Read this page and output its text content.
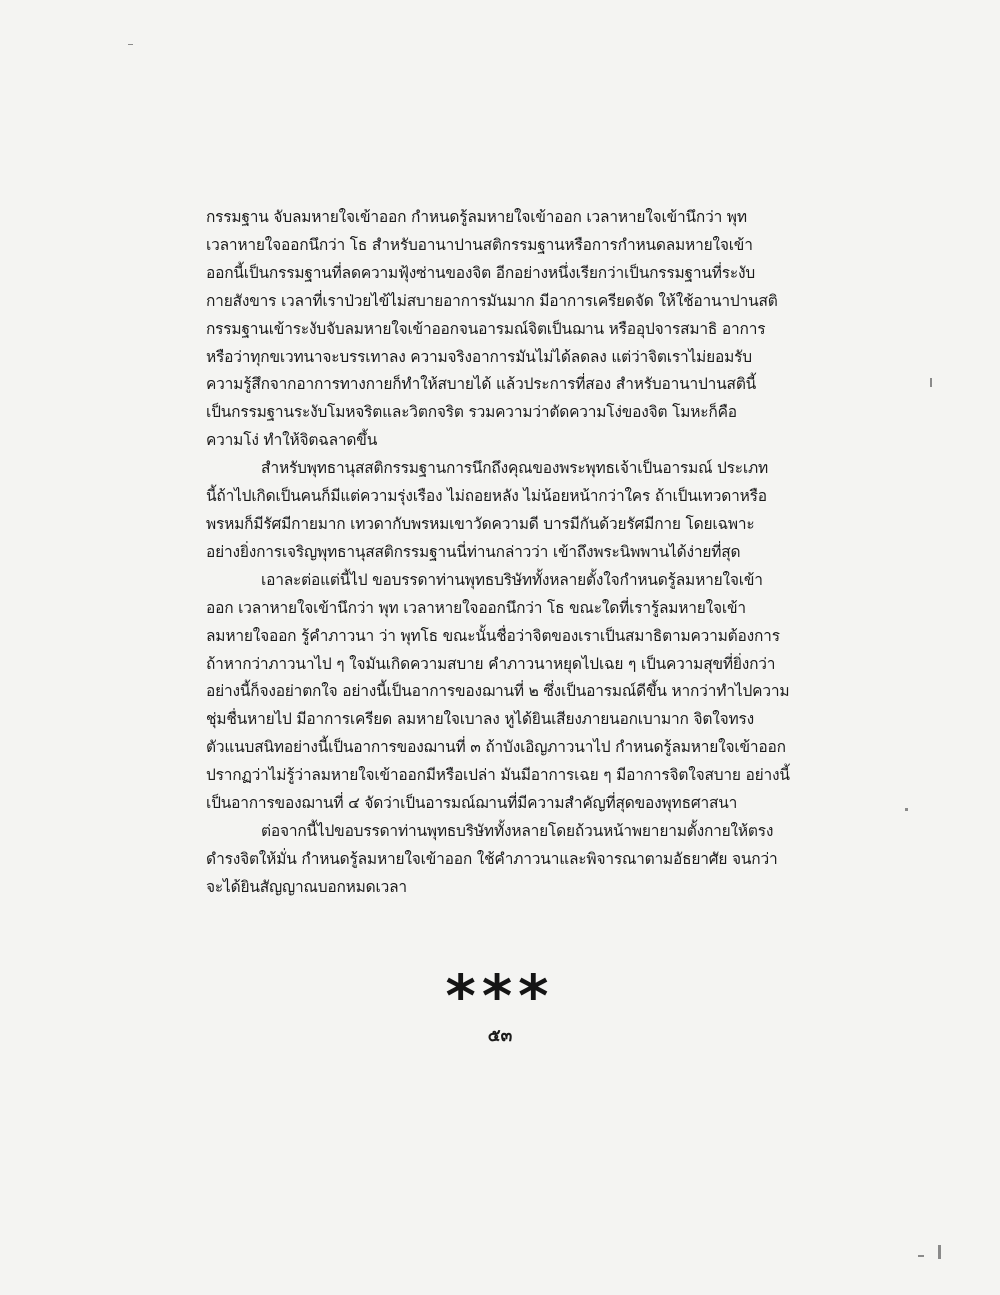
กรรมฐาน จับลมหายใจเข้าออก กำหนดรู้ลมหายใจเข้าออก เวลาหายใจเข้านึกว่า พุท
เวลาหายใจออกนึกว่า โธ สำหรับอานาปานสติกรรมฐานหรือการกำหนดลมหายใจเข้า
ออกนี้เป็นกรรมฐานที่ลดความฟุ้งซ่านของจิต อีกอย่างหนึ่งเรียกว่าเป็นกรรมฐานที่ระงับ
กายสังขาร เวลาที่เราป่วยไข้ไม่สบายอาการมันมาก มีอาการเครียดจัด ให้ใช้อานาปานสติ
กรรมฐานเข้าระงับจับลมหายใจเข้าออกจนอารมณ์จิตเป็นฌาน หรืออุปจารสมาธิ อาการ
หรือว่าทุกขเวทนาจะบรรเทาลง ความจริงอาการมันไม่ได้ลดลง แต่ว่าจิตเราไม่ยอมรับ
ความรู้สึกจากอาการทางกายก็ทำให้สบายได้ แล้วประการที่สอง สำหรับอานาปานสตินี้
เป็นกรรมฐานระงับโมหจริตและวิตกจริต รวมความว่าตัดความโง่ของจิต โมหะก็คือ
ความโง่ ทำให้จิตฉลาดขึ้น
สำหรับพุทธานุสสติกรรมฐานการนึกถึงคุณของพระพุทธเจ้าเป็นอารมณ์ ประเภท
นี้ถ้าไปเกิดเป็นคนก็มีแต่ความรุ่งเรือง ไม่ถอยหลัง ไม่น้อยหน้ากว่าใคร ถ้าเป็นเทวดาหรือ
พรหมก็มีรัศมีกายมาก เทวดากับพรหมเขาวัดความดี บารมีกันด้วยรัศมีกาย โดยเฉพาะ
อย่างยิ่งการเจริญพุทธานุสสติกรรมฐานนี่ท่านกล่าวว่า เข้าถึงพระนิพพานได้ง่ายที่สุด
เอาละต่อแต่นี้ไป ขอบรรดาท่านพุทธบริษัททั้งหลายตั้งใจกำหนดรู้ลมหายใจเข้า
ออก เวลาหายใจเข้านึกว่า พุท เวลาหายใจออกนึกว่า โธ ขณะใดที่เรารู้ลมหายใจเข้า
ลมหายใจออก รู้คำภาวนา ว่า พุทโธ ขณะนั้นชื่อว่าจิตของเราเป็นสมาธิตามความต้องการ
ถ้าหากว่าภาวนาไป ๆ ใจมันเกิดความสบาย คำภาวนาหยุดไปเฉย ๆ เป็นความสุขที่ยิ่งกว่า
อย่างนี้ก็จงอย่าตกใจ อย่างนี้เป็นอาการของฌานที่ ๒ ซึ่งเป็นอารมณ์ดีขึ้น หากว่าทำไปความ
ชุ่มชื่นหายไป มีอาการเครียด ลมหายใจเบาลง หูได้ยินเสียงภายนอกเบามาก จิตใจทรง
ตัวแนบสนิทอย่างนี้เป็นอาการของฌานที่ ๓ ถ้าบังเอิญภาวนาไป กำหนดรู้ลมหายใจเข้าออก
ปรากฏว่าไม่รู้ว่าลมหายใจเข้าออกมีหรือเปล่า มันมีอาการเฉย ๆ มีอาการจิตใจสบาย อย่างนี้
เป็นอาการของฌานที่ ๔ จัดว่าเป็นอารมณ์ฌานที่มีความสำคัญที่สุดของพุทธศาสนา
ต่อจากนี้ไปขอบรรดาท่านพุทธบริษัททั้งหลายโดยถ้วนหน้าพยายามตั้งกายให้ตรง
ดำรงจิตให้มั่น กำหนดรู้ลมหายใจเข้าออก ใช้คำภาวนาและพิจารณาตามอัธยาศัย จนกว่า
จะได้ยินสัญญาณบอกหมดเวลา
***
๕๓
